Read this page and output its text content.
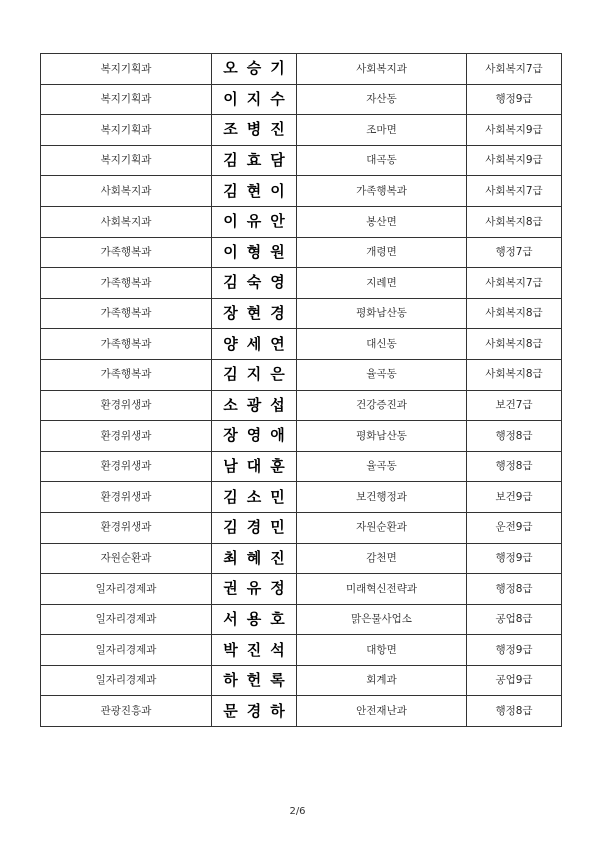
복지기획과	오승기	사회복지과	사회복지7급
복지기획과	이지수	자산동	행정9급
복지기획과	조병진	조마면	사회복지9급
복지기획과	김효담	대곡동	사회복지9급
사회복지과	김현이	가족행복과	사회복지7급
사회복지과	이유안	봉산면	사회복지8급
가족행복과	이형원	개령면	행정7급
가족행복과	김숙영	지례면	사회복지7급
가족행복과	장현경	평화남산동	사회복지8급
가족행복과	양세연	대신동	사회복지8급
가족행복과	김지은	율곡동	사회복지8급
환경위생과	소광섭	건강증진과	보건7급
환경위생과	장영애	평화남산동	행정8급
환경위생과	남대훈	율곡동	행정8급
환경위생과	김소민	보건행정과	보건9급
환경위생과	김경민	자원순환과	운전9급
자원순환과	최혜진	감천면	행정9급
일자리경제과	권유정	미래혁신전략과	행정8급
일자리경제과	서용호	맑은물사업소	공업8급
일자리경제과	박진석	대항면	행정9급
일자리경제과	하헌록	회계과	공업9급
관광진흥과	문경하	안전재난과	행정8급
2/6
